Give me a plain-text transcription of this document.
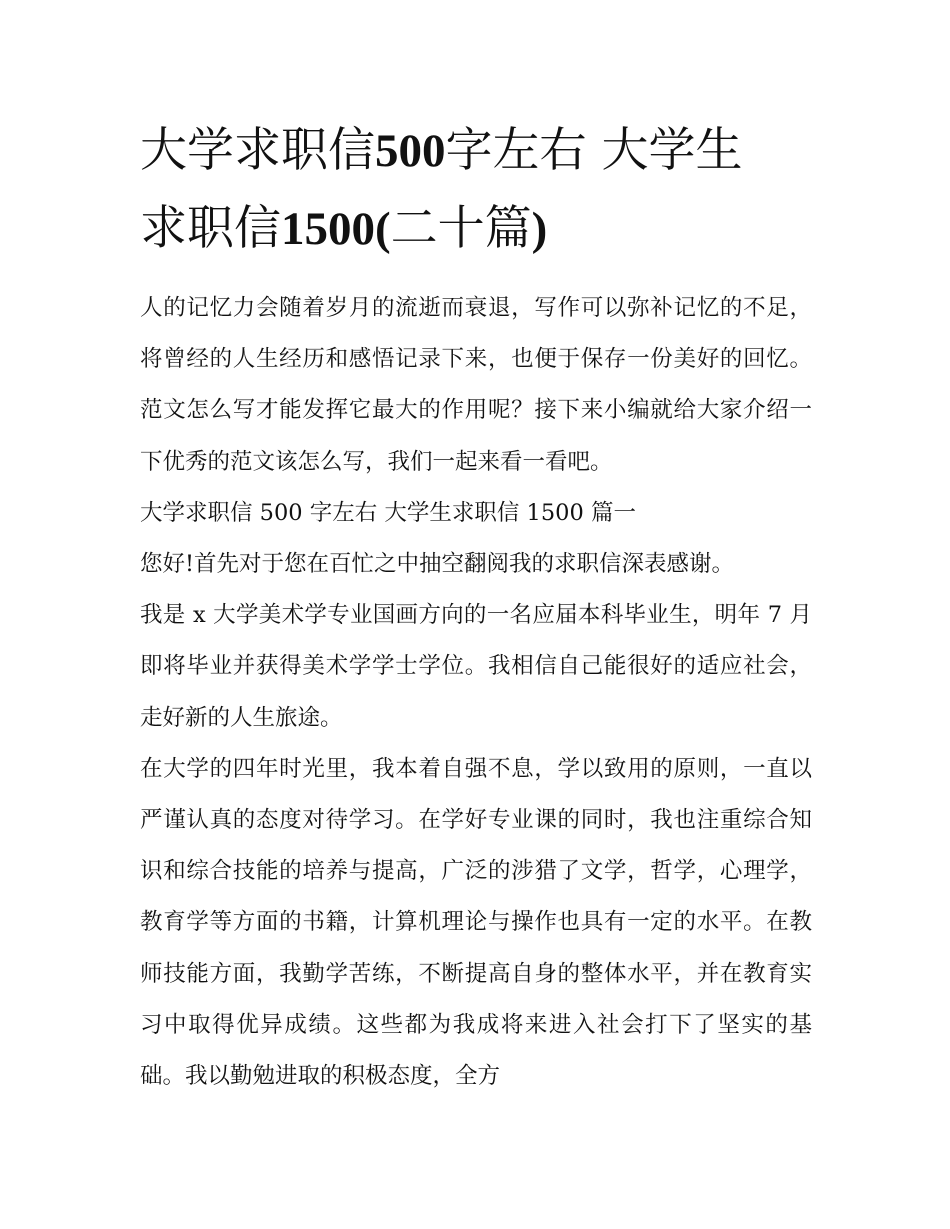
大学求职信500字左右 大学生
求职信1500(二十篇)

人的记忆力会随着岁月的流逝而衰退，写作可以弥补记忆的不足，将曾经的人生经历和感悟记录下来，也便于保存一份美好的回忆。范文怎么写才能发挥它最大的作用呢？接下来小编就给大家介绍一下优秀的范文该怎么写，我们一起来看一看吧。

大学求职信 500 字左右 大学生求职信 1500 篇一

您好!首先对于您在百忙之中抽空翻阅我的求职信深表感谢。

我是 x 大学美术学专业国画方向的一名应届本科毕业生，明年 7 月即将毕业并获得美术学学士学位。我相信自己能很好的适应社会，走好新的人生旅途。

在大学的四年时光里，我本着自强不息，学以致用的原则，一直以严谨认真的态度对待学习。在学好专业课的同时，我也注重综合知识和综合技能的培养与提高，广泛的涉猎了文学，哲学，心理学，教育学等方面的书籍，计算机理论与操作也具有一定的水平。在教师技能方面，我勤学苦练，不断提高自身的整体水平，并在教育实习中取得优异成绩。这些都为我成将来进入社会打下了坚实的基础。我以勤勉进取的积极态度，全方
